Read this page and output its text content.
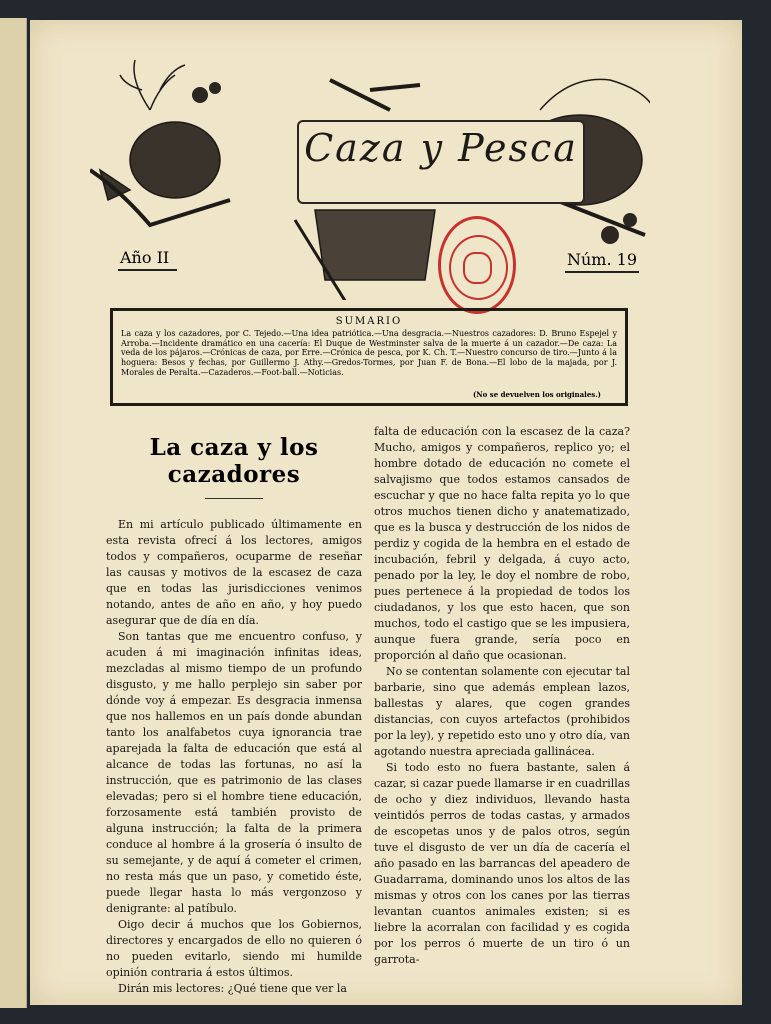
Caza y Pesca
Año II	Núm. 19
SUMARIO
La caza y los cazadores, por C. Tejedo.—Una idea patriótica.—Una desgracia.—Nuestros cazadores: D. Bruno Espejel y Arroba.—Incidente dramático en una cacería: El Duque de Westminster salva de la muerte á un cazador.—De caza: La veda de los pájaros.—Crónicas de caza, por Erre.—Crónica de pesca, por K. Ch. T.—Nuestro concurso de tiro.—Junto á la hoguera: Besos y fechas, por Guillermo J. Athy.—Gredos-Tormes, por Juan F. de Bona.—El lobo de la majada, por J. Morales de Peralta.—Cazaderos.—Foot-ball.—Noticias.
(No se devuelven los originales.)
La caza y los cazadores

En mi artículo publicado últimamente en esta revista ofrecí á los lectores, amigos todos y compañeros, ocuparme de reseñar las causas y motivos de la escasez de caza que en todas las jurisdicciones venimos notando, antes de año en año, y hoy puedo asegurar que de día en día.

Son tantas que me encuentro confuso, y acuden á mi imaginación infinitas ideas, mezcladas al mismo tiempo de un profundo disgusto, y me hallo perplejo sin saber por dónde voy á empezar. Es desgracia inmensa que nos hallemos en un país donde abundan tanto los analfabetos cuya ignorancia trae aparejada la falta de educación que está al alcance de todas las fortunas, no así la instrucción, que es patrimonio de las clases elevadas; pero si el hombre tiene educación, forzosamente está también provisto de alguna instrucción; la falta de la primera conduce al hombre á la grosería ó insulto de su semejante, y de aquí á cometer el crimen, no resta más que un paso, y cometido éste, puede llegar hasta lo más vergonzoso y denigrante: al patíbulo.

Oigo decir á muchos que los Gobiernos, directores y encargados de ello no quieren ó no pueden evitarlo, siendo mi humilde opinión contraria á estos últimos.

Dirán mis lectores: ¿Qué tiene que ver la

falta de educación con la escasez de la caza? Mucho, amigos y compañeros, replico yo; el hombre dotado de educación no comete el salvajismo que todos estamos cansados de escuchar y que no hace falta repita yo lo que otros muchos tienen dicho y anatematizado, que es la busca y destrucción de los nidos de perdiz y cogida de la hembra en el estado de incubación, febril y delgada, á cuyo acto, penado por la ley, le doy el nombre de robo, pues pertenece á la propiedad de todos los ciudadanos, y los que esto hacen, que son muchos, todo el castigo que se les impusiera, aunque fuera grande, sería poco en proporción al daño que ocasionan.

No se contentan solamente con ejecutar tal barbarie, sino que además emplean lazos, ballestas y alares, que cogen grandes distancias, con cuyos artefactos (prohibidos por la ley), y repetido esto uno y otro día, van agotando nuestra apreciada gallinácea.

Si todo esto no fuera bastante, salen á cazar, si cazar puede llamarse ir en cuadrillas de ocho y diez individuos, llevando hasta veintidós perros de todas castas, y armados de escopetas unos y de palos otros, según tuve el disgusto de ver un día de cacería el año pasado en las barrancas del apeadero de Guadarrama, dominando unos los altos de las mismas y otros con los canes por las tierras levantan cuantos animales existen; si es liebre la acorralan con facilidad y es cogida por los perros ó muerte de un tiro ó un garrota-
